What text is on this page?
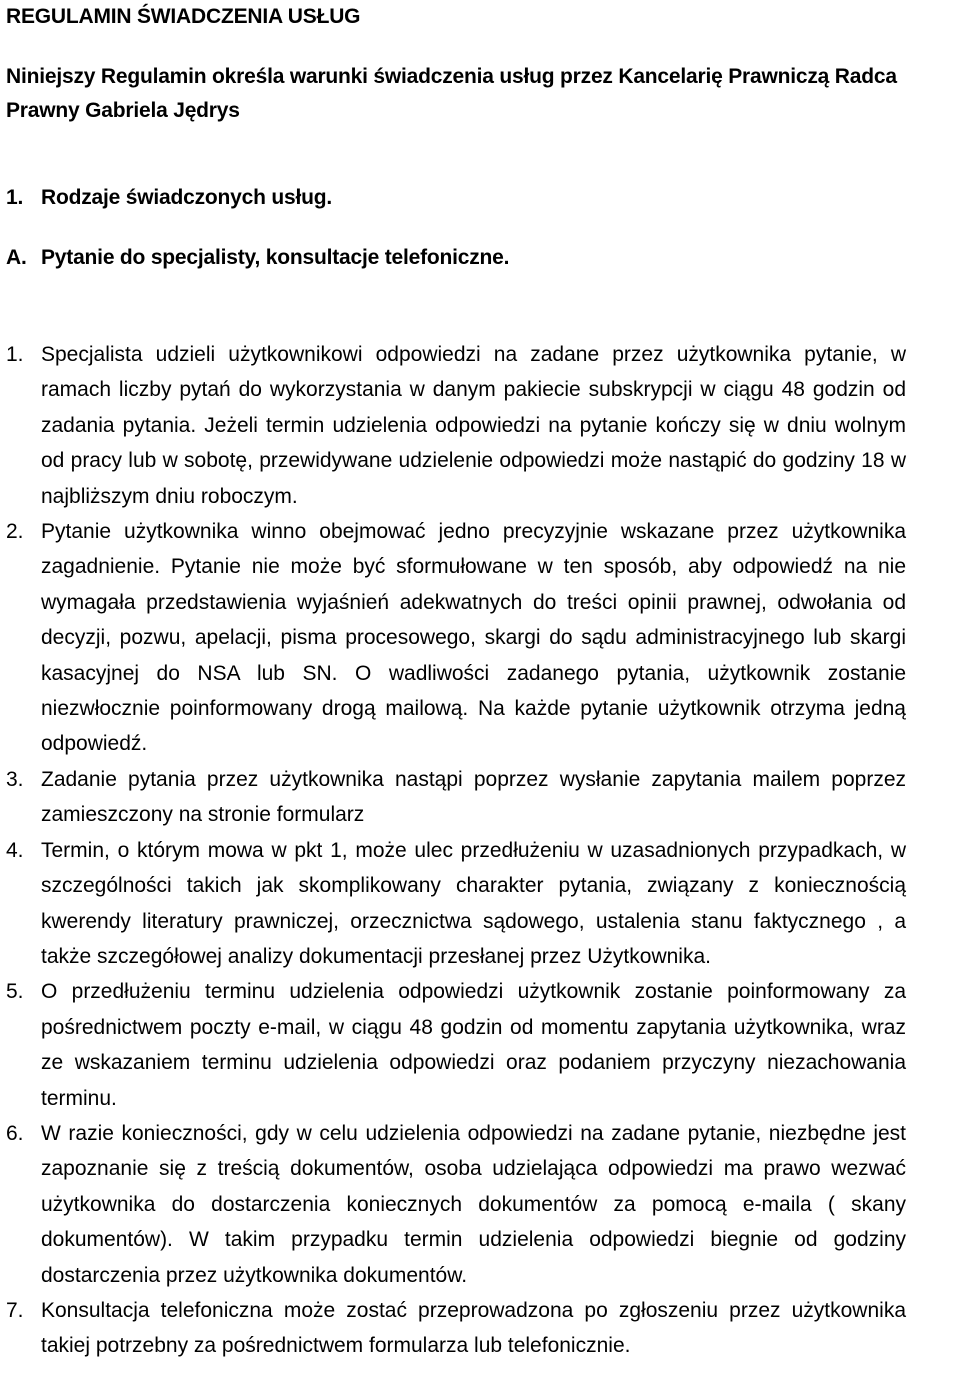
REGULAMIN ŚWIADCZENIA USŁUG

Niniejszy Regulamin określa warunki świadczenia usług przez Kancelarię Prawniczą Radca Prawny Gabriela Jędrys

1. Rodzaje świadczonych usług.
A. Pytanie do specjalisty, konsultacje telefoniczne.
1. Specjalista udzieli użytkownikowi odpowiedzi na zadane przez użytkownika pytanie, w ramach liczby pytań do wykorzystania w danym pakiecie subskrypcji w ciągu 48 godzin od zadania pytania. Jeżeli termin udzielenia odpowiedzi na pytanie kończy się w dniu wolnym od pracy lub w sobotę, przewidywane udzielenie odpowiedzi może nastąpić do godziny 18 w najbliższym dniu roboczym.
2. Pytanie użytkownika winno obejmować jedno precyzyjnie wskazane przez użytkownika zagadnienie. Pytanie nie może być sformułowane w ten sposób, aby odpowiedź na nie wymagała przedstawienia wyjaśnień adekwatnych do treści opinii prawnej, odwołania od decyzji, pozwu, apelacji, pisma procesowego, skargi do sądu administracyjnego lub skargi kasacyjnej do NSA lub SN. O wadliwości zadanego pytania, użytkownik zostanie niezwłocznie poinformowany drogą mailową. Na każde pytanie użytkownik otrzyma jedną odpowiedź.
3. Zadanie pytania przez użytkownika nastąpi poprzez wysłanie zapytania mailem poprzez zamieszczony na stronie formularz
4. Termin, o którym mowa w pkt 1, może ulec przedłużeniu w uzasadnionych przypadkach, w szczególności takich jak skomplikowany charakter pytania, związany z koniecznością kwerendy literatury prawniczej, orzecznictwa sądowego, ustalenia stanu faktycznego , a także szczegółowej analizy dokumentacji przesłanej przez Użytkownika.
5. O przedłużeniu terminu udzielenia odpowiedzi użytkownik zostanie poinformowany za pośrednictwem poczty e-mail, w ciągu 48 godzin od momentu zapytania użytkownika, wraz ze wskazaniem terminu udzielenia odpowiedzi oraz podaniem przyczyny niezachowania terminu.
6. W razie konieczności, gdy w celu udzielenia odpowiedzi na zadane pytanie, niezbędne jest zapoznanie się z treścią dokumentów, osoba udzielająca odpowiedzi ma prawo wezwać użytkownika do dostarczenia koniecznych dokumentów za pomocą e-maila ( skany dokumentów). W takim przypadku termin udzielenia odpowiedzi biegnie od godziny dostarczenia przez użytkownika dokumentów.
7. Konsultacja telefoniczna może zostać przeprowadzona po zgłoszeniu przez użytkownika takiej potrzebny za pośrednictwem formularza lub telefonicznie.
